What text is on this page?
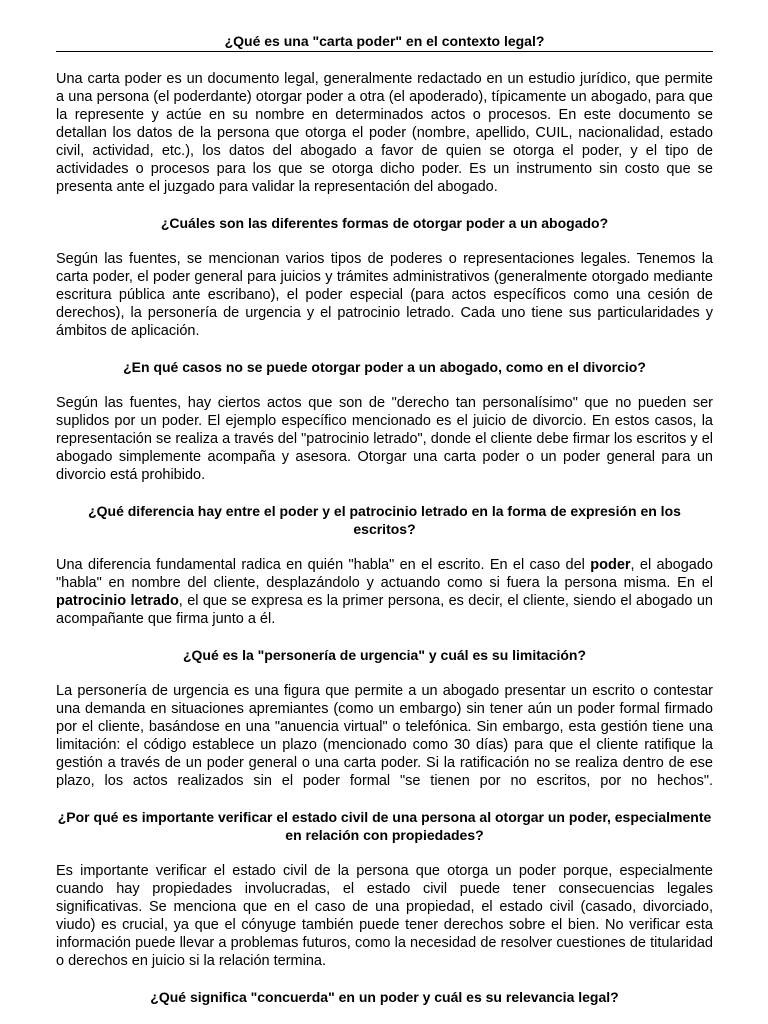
¿Qué es una "carta poder" en el contexto legal?

Una carta poder es un documento legal, generalmente redactado en un estudio jurídico, que permite a una persona (el poderdante) otorgar poder a otra (el apoderado), típicamente un abogado, para que la represente y actúe en su nombre en determinados actos o procesos. En este documento se detallan los datos de la persona que otorga el poder (nombre, apellido, CUIL, nacionalidad, estado civil, actividad, etc.), los datos del abogado a favor de quien se otorga el poder, y el tipo de actividades o procesos para los que se otorga dicho poder. Es un instrumento sin costo que se presenta ante el juzgado para validar la representación del abogado.

¿Cuáles son las diferentes formas de otorgar poder a un abogado?

Según las fuentes, se mencionan varios tipos de poderes o representaciones legales. Tenemos la carta poder, el poder general para juicios y trámites administrativos (generalmente otorgado mediante escritura pública ante escribano), el poder especial (para actos específicos como una cesión de derechos), la personería de urgencia y el patrocinio letrado. Cada uno tiene sus particularidades y ámbitos de aplicación.

¿En qué casos no se puede otorgar poder a un abogado, como en el divorcio?

Según las fuentes, hay ciertos actos que son de "derecho tan personalísimo" que no pueden ser suplidos por un poder. El ejemplo específico mencionado es el juicio de divorcio. En estos casos, la representación se realiza a través del "patrocinio letrado", donde el cliente debe firmar los escritos y el abogado simplemente acompaña y asesora. Otorgar una carta poder o un poder general para un divorcio está prohibido.

¿Qué diferencia hay entre el poder y el patrocinio letrado en la forma de expresión en los escritos?

Una diferencia fundamental radica en quién "habla" en el escrito. En el caso del poder, el abogado "habla" en nombre del cliente, desplazándolo y actuando como si fuera la persona misma. En el patrocinio letrado, el que se expresa es la primer persona, es decir, el cliente, siendo el abogado un acompañante que firma junto a él.

¿Qué es la "personería de urgencia" y cuál es su limitación?

La personería de urgencia es una figura que permite a un abogado presentar un escrito o contestar una demanda en situaciones apremiantes (como un embargo) sin tener aún un poder formal firmado por el cliente, basándose en una "anuencia virtual" o telefónica. Sin embargo, esta gestión tiene una limitación: el código establece un plazo (mencionado como 30 días) para que el cliente ratifique la gestión a través de un poder general o una carta poder. Si la ratificación no se realiza dentro de ese plazo, los actos realizados sin el poder formal "se tienen por no escritos, por no hechos".

¿Por qué es importante verificar el estado civil de una persona al otorgar un poder, especialmente en relación con propiedades?

Es importante verificar el estado civil de la persona que otorga un poder porque, especialmente cuando hay propiedades involucradas, el estado civil puede tener consecuencias legales significativas. Se menciona que en el caso de una propiedad, el estado civil (casado, divorciado, viudo) es crucial, ya que el cónyuge también puede tener derechos sobre el bien. No verificar esta información puede llevar a problemas futuros, como la necesidad de resolver cuestiones de titularidad o derechos en juicio si la relación termina.

¿Qué significa "concuerda" en un poder y cuál es su relevancia legal?
